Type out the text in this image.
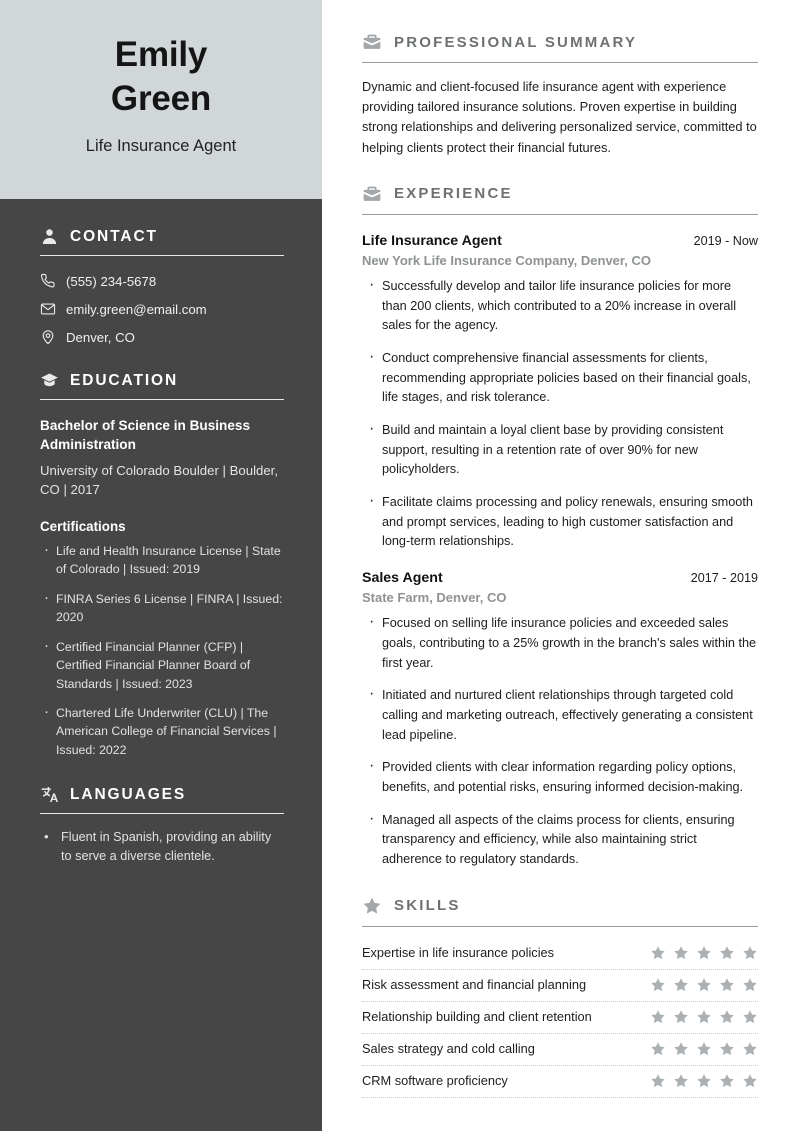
Emily
Green
Life Insurance Agent
CONTACT
(555) 234-5678
emily.green@email.com
Denver, CO
EDUCATION
Bachelor of Science in Business Administration
University of Colorado Boulder | Boulder, CO | 2017
Certifications
· Life and Health Insurance License | State of Colorado | Issued: 2019
· FINRA Series 6 License | FINRA | Issued: 2020
· Certified Financial Planner (CFP) | Certified Financial Planner Board of Standards | Issued: 2023
· Chartered Life Underwriter (CLU) | The American College of Financial Services | Issued: 2022
LANGUAGES
• Fluent in Spanish, providing an ability to serve a diverse clientele.
PROFESSIONAL SUMMARY

Dynamic and client-focused life insurance agent with experience providing tailored insurance solutions. Proven expertise in building strong relationships and delivering personalized service, committed to helping clients protect their financial futures.

EXPERIENCE
Life Insurance Agent	2019 - Now
New York Life Insurance Company, Denver, CO
· Successfully develop and tailor life insurance policies for more than 200 clients, which contributed to a 20% increase in overall sales for the agency.
· Conduct comprehensive financial assessments for clients, recommending appropriate policies based on their financial goals, life stages, and risk tolerance.
· Build and maintain a loyal client base by providing consistent support, resulting in a retention rate of over 90% for new policyholders.
· Facilitate claims processing and policy renewals, ensuring smooth and prompt services, leading to high customer satisfaction and long-term relationships.
Sales Agent	2017 - 2019
State Farm, Denver, CO
· Focused on selling life insurance policies and exceeded sales goals, contributing to a 25% growth in the branch's sales within the first year.
· Initiated and nurtured client relationships through targeted cold calling and marketing outreach, effectively generating a consistent lead pipeline.
· Provided clients with clear information regarding policy options, benefits, and potential risks, ensuring informed decision-making.
· Managed all aspects of the claims process for clients, ensuring transparency and efficiency, while also maintaining strict adherence to regulatory standards.
SKILLS
Expertise in life insurance policies
Risk assessment and financial planning
Relationship building and client retention
Sales strategy and cold calling
CRM software proficiency
